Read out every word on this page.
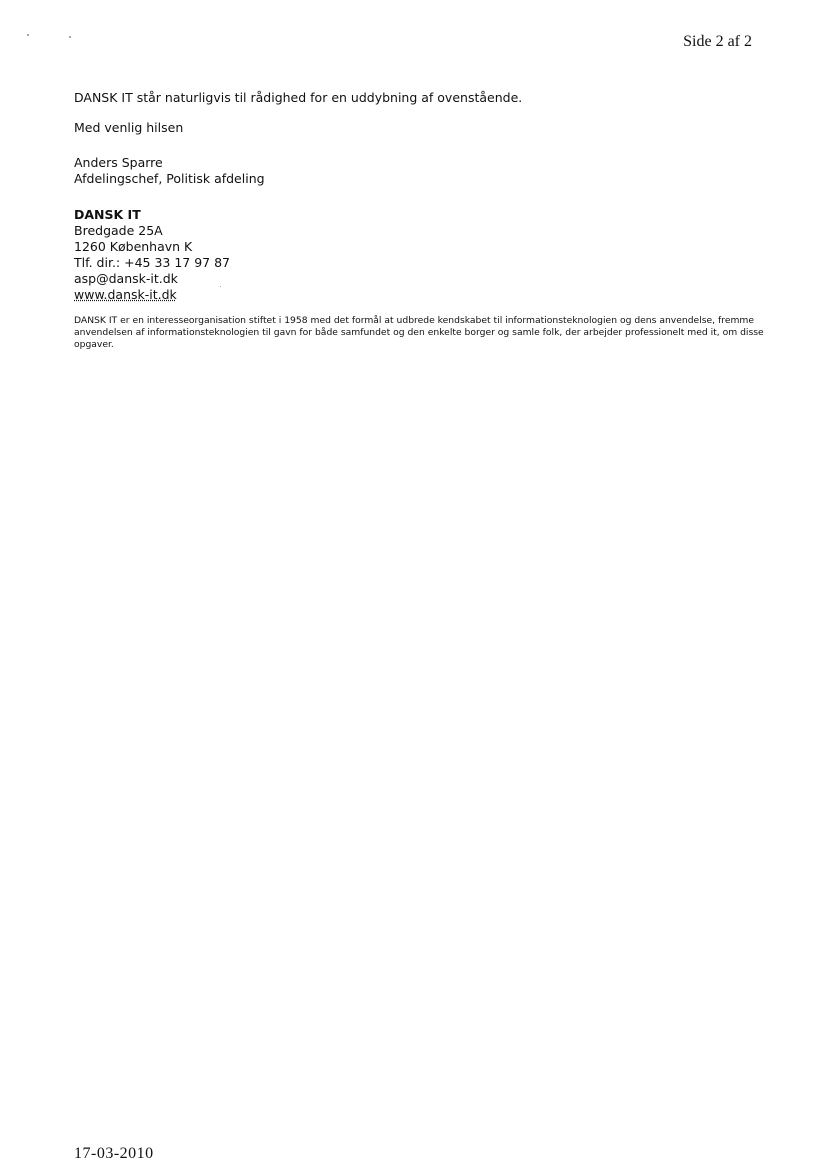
Side 2 af 2

DANSK IT står naturligvis til rådighed for en uddybning af ovenstående.

Med venlig hilsen

Anders Sparre
Afdelingschef, Politisk afdeling
DANSK IT
Bredgade 25A
1260 København K
Tlf. dir.: +45 33 17 97 87
asp@dansk-it.dk
www.dansk-it.dk

DANSK IT er en interesseorganisation stiftet i 1958 med det formål at udbrede kendskabet til informationsteknologien og dens anvendelse, fremme anvendelsen af informationsteknologien til gavn for både samfundet og den enkelte borger og samle folk, der arbejder professionelt med it, om disse opgaver.

17-03-2010
